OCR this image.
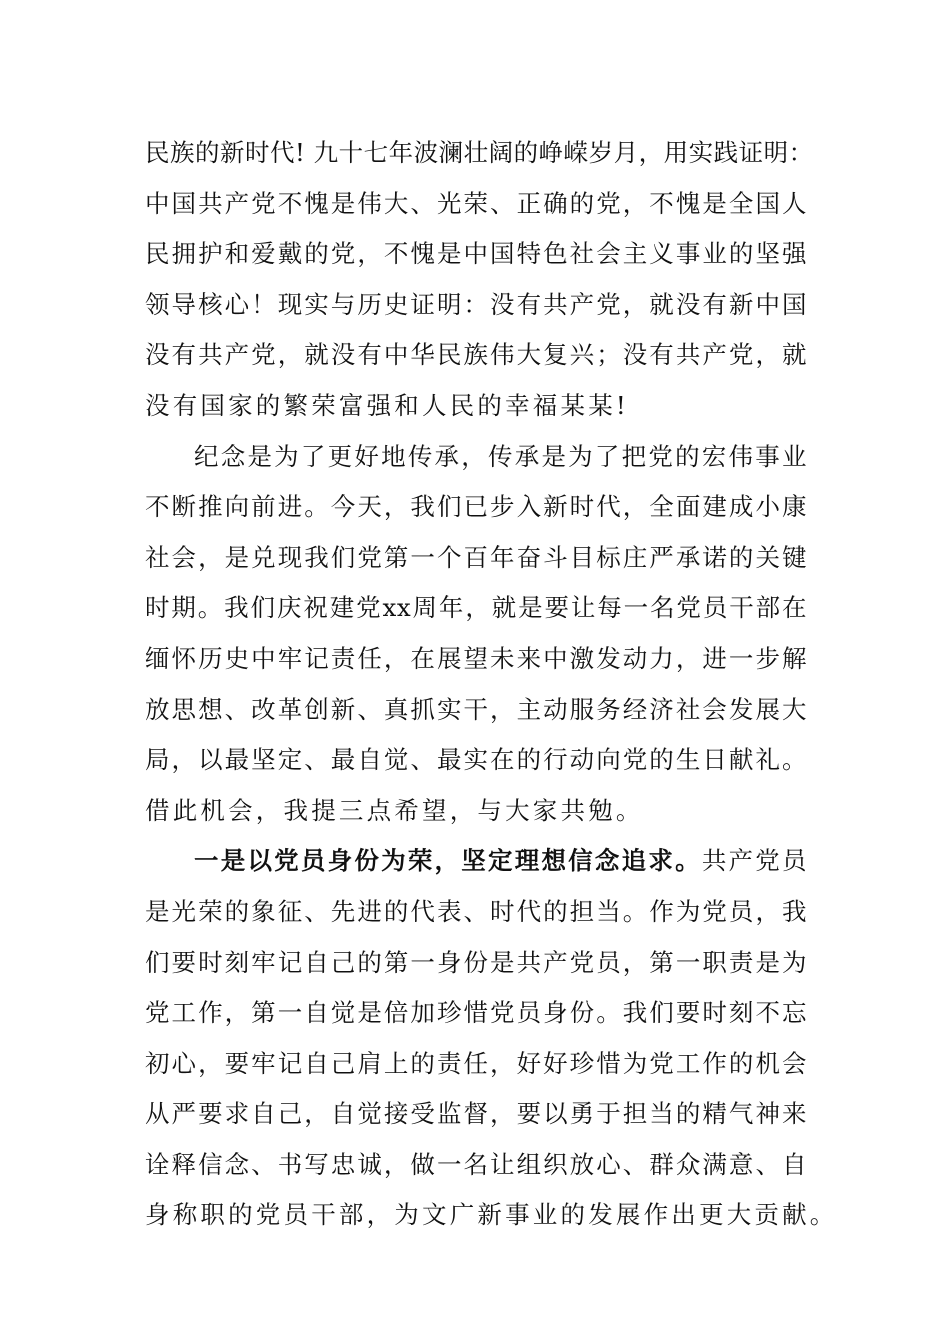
民族的新时代! 九十七年波澜壮阔的峥嵘岁月，用实践证明：
中国共产党不愧是伟大、光荣、正确的党，不愧是全国人
民拥护和爱戴的党，不愧是中国特色社会主义事业的坚强
领导核心！现实与历史证明：没有共产党，就没有新中国
没有共产党，就没有中华民族伟大复兴；没有共产党，就
没有国家的繁荣富强和人民的幸福某某!
纪念是为了更好地传承，传承是为了把党的宏伟事业
不断推向前进。今天，我们已步入新时代，全面建成小康
社会，是兑现我们党第一个百年奋斗目标庄严承诺的关键
时期。我们庆祝建党xx周年，就是要让每一名党员干部在
缅怀历史中牢记责任，在展望未来中激发动力，进一步解
放思想、改革创新、真抓实干，主动服务经济社会发展大
局，以最坚定、最自觉、最实在的行动向党的生日献礼。
借此机会，我提三点希望，与大家共勉。
一是以党员身份为荣，坚定理想信念追求。共产党员
是光荣的象征、先进的代表、时代的担当。作为党员，我
们要时刻牢记自己的第一身份是共产党员，第一职责是为
党工作，第一自觉是倍加珍惜党员身份。我们要时刻不忘
初心，要牢记自己肩上的责任，好好珍惜为党工作的机会
从严要求自己，自觉接受监督，要以勇于担当的精气神来
诠释信念、书写忠诚，做一名让组织放心、群众满意、自
身称职的党员干部，为文广新事业的发展作出更大贡献。
